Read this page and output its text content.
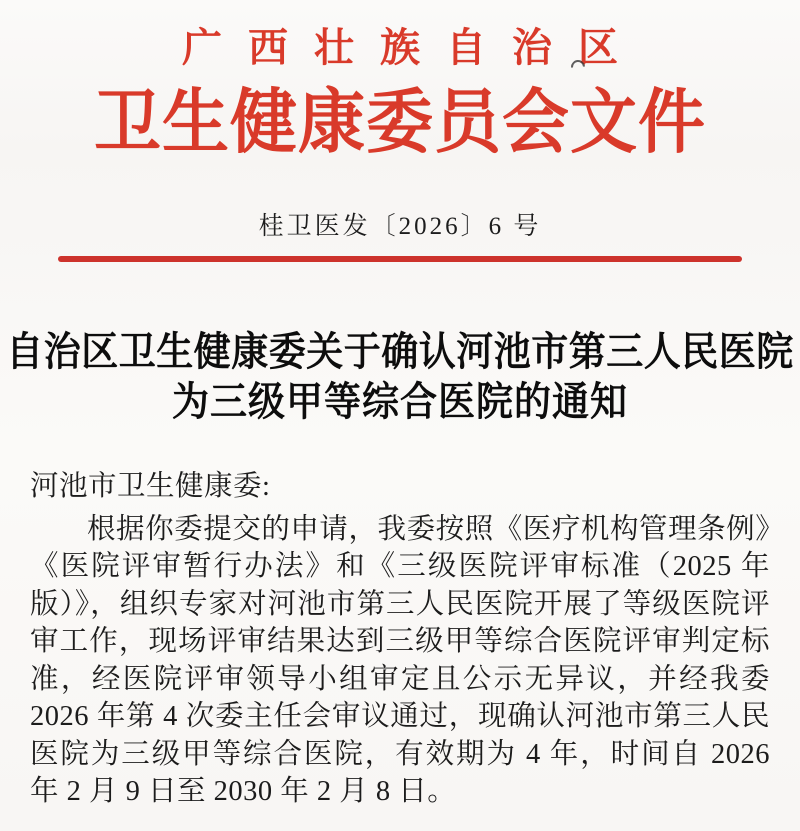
广西壮族自治区
卫生健康委员会文件
桂卫医发〔2026〕6 号
自治区卫生健康委关于确认河池市第三人民医院
为三级甲等综合医院的通知
河池市卫生健康委:
根据你委提交的申请，我委按照《医疗机构管理条例》《医院评审暂行办法》和《三级医院评审标准（2025 年版）》，组织专家对河池市第三人民医院开展了等级医院评审工作，现场评审结果达到三级甲等综合医院评审判定标准，经医院评审领导小组审定且公示无异议，并经我委 2026 年第 4 次委主任会审议通过，现确认河池市第三人民医院为三级甲等综合医院，有效期为 4 年，时间自 2026 年 2 月 9 日至 2030 年 2 月 8 日。
